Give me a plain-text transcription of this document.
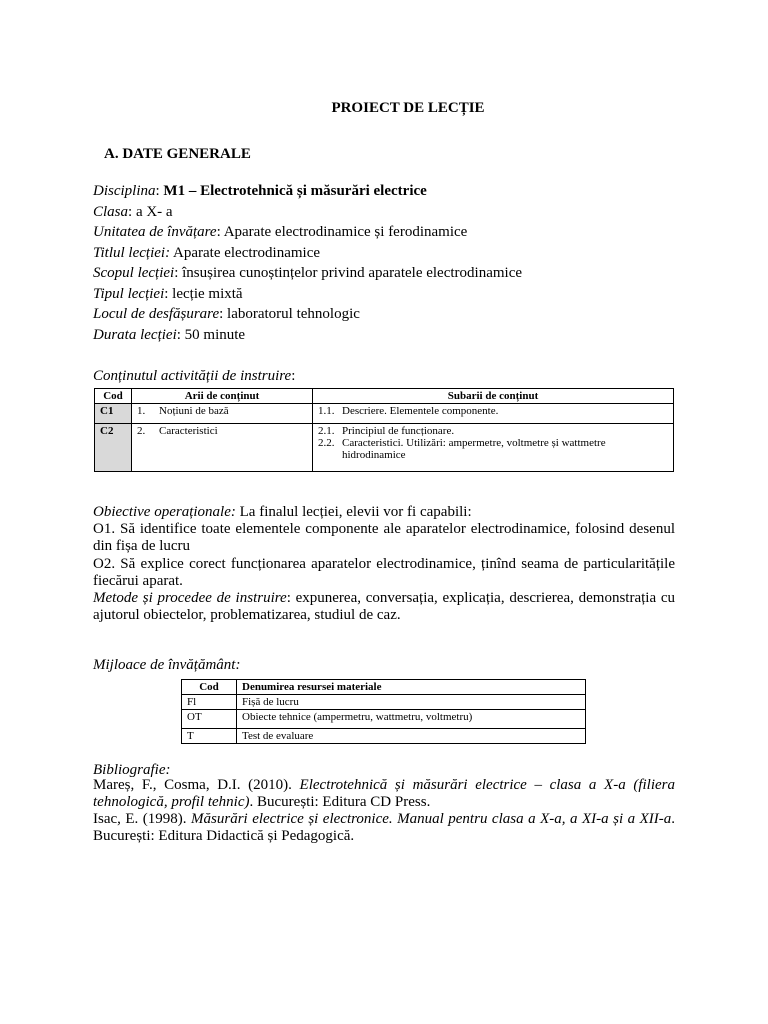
PROIECT DE LECȚIE
A. DATE GENERALE
Disciplina: M1 – Electrotehnică și măsurări electrice
Clasa: a X- a
Unitatea de învățare: Aparate electrodinamice și ferodinamice
Titlul lecției: Aparate electrodinamice
Scopul lecției: însușirea cunoștințelor privind aparatele electrodinamice
Tipul lecției: lecție mixtă
Locul de desfășurare: laboratorul tehnologic
Durata lecției: 50 minute
Conținutul activității de instruire:
Cod	Arii de conținut	Subarii de conținut
C1	1. Noțiuni de bază	1.1. Descriere. Elementele componente.
C2	2. Caracteristici	2.1. Principiul de funcționare.
2.2. Caracteristici. Utilizări: ampermetre, voltmetre și wattmetre
hidrodinamice
Obiective operaționale: La finalul lecției, elevii vor fi capabili:
O1. Să identifice toate elementele componente ale aparatelor electrodinamice, folosind desenul din fișa de lucru
O2. Să explice corect funcționarea aparatelor electrodinamice, ținînd seama de particularitățile fiecărui aparat.
Metode și procedee de instruire: expunerea, conversația, explicația, descrierea, demonstrația cu ajutorul obiectelor, problematizarea, studiul de caz.
Mijloace de învățământ:
Cod	Denumirea resursei materiale
Fl	Fișă de lucru
OT	Obiecte tehnice (ampermetru, wattmetru, voltmetru)
T	Test de evaluare
Bibliografie:
Mareș, F., Cosma, D.I. (2010). Electrotehnică și măsurări electrice – clasa a X-a (filiera tehnologică, profil tehnic). București: Editura CD Press.
Isac, E. (1998). Măsurări electrice și electronice. Manual pentru clasa a X-a, a XI-a și a XII-a. București: Editura Didactică și Pedagogică.
